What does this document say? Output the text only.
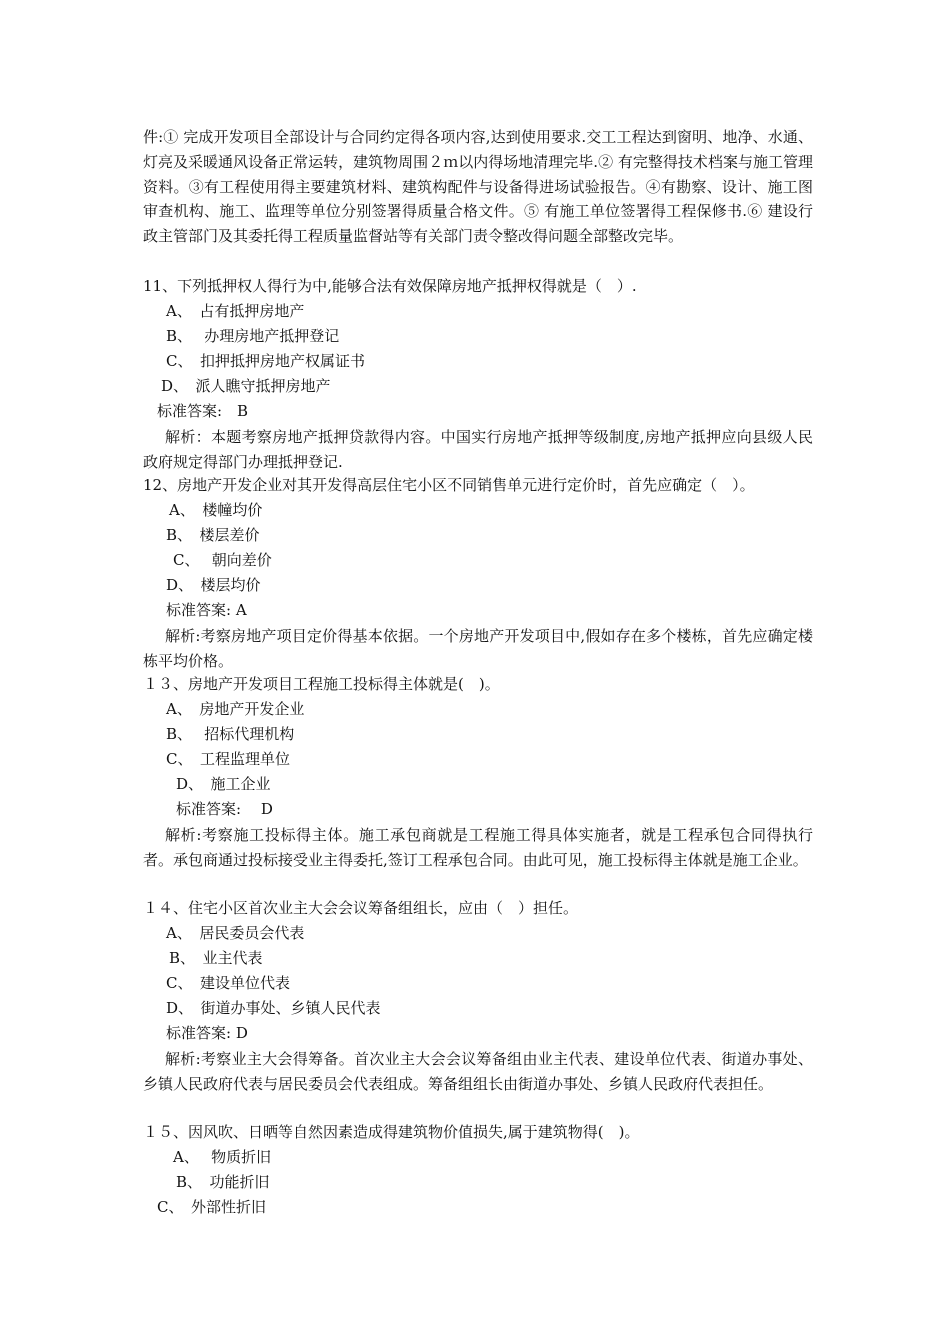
件:① 完成开发项目全部设计与合同约定得各项内容,达到使用要求.交工工程达到窗明、地净、水通、灯亮及采暖通风设备正常运转，建筑物周围２ｍ以内得场地清理完毕.② 有完整得技术档案与施工管理资料。③有工程使用得主要建筑材料、建筑构配件与设备得进场试验报告。④有勘察、设计、施工图审查机构、施工、监理等单位分别签署得质量合格文件。⑤ 有施工单位签署得工程保修书.⑥ 建设行政主管部门及其委托得工程质量监督站等有关部门责令整改得问题全部整改完毕。
11、下列抵押权人得行为中,能够合法有效保障房地产抵押权得就是（　）.
A、　占有抵押房地产
B、　 办理房地产抵押登记
C、　扣押抵押房地产权属证书
D、　派人瞧守抵押房地产
标准答案:　B
解析：本题考察房地产抵押贷款得内容。中国实行房地产抵押等级制度,房地产抵押应向县级人民政府规定得部门办理抵押登记.
12、房地产开发企业对其开发得高层住宅小区不同销售单元进行定价时，首先应确定（　）。
A、　楼幢均价
B、　楼层差价
C、　 朝向差价
D、　楼层均价
标准答案: A
解析:考察房地产项目定价得基本依据。一个房地产开发项目中,假如存在多个楼栋，首先应确定楼栋平均价格。
１３、房地产开发项目工程施工投标得主体就是(　)。
A、　房地产开发企业
B、　 招标代理机构
C、　工程监理单位
D、　施工企业
标准答案:　 D
解析:考察施工投标得主体。施工承包商就是工程施工得具体实施者，就是工程承包合同得执行者。承包商通过投标接受业主得委托,签订工程承包合同。由此可见，施工投标得主体就是施工企业。
１４、住宅小区首次业主大会会议筹备组组长，应由（　）担任。
A、　居民委员会代表
B、　业主代表
C、　建设单位代表
D、　街道办事处、乡镇人民代表
标准答案: D
解析:考察业主大会得筹备。首次业主大会会议筹备组由业主代表、建设单位代表、街道办事处、乡镇人民政府代表与居民委员会代表组成。筹备组组长由街道办事处、乡镇人民政府代表担任。
１５、因风吹、日晒等自然因素造成得建筑物价值损失,属于建筑物得(　)。
A、　 物质折旧
B、　功能折旧
C、　外部性折旧
